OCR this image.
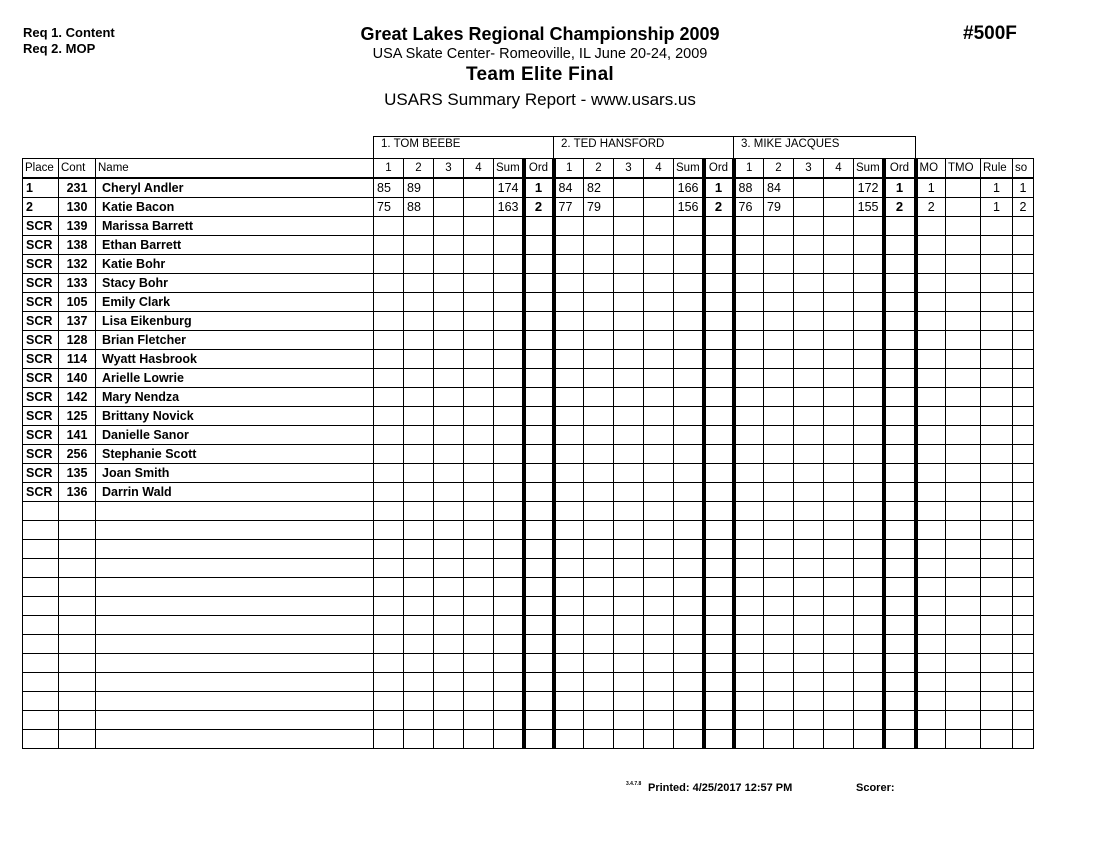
Req 1. Content
Req 2. MOP
Great Lakes Regional Championship 2009
USA Skate Center- Romeoville, IL June 20-24, 2009
Team Elite Final
USARS Summary Report - www.usars.us
#500F
1. TOM BEEBE	2. TED HANSFORD	3. MIKE JACQUES
Place	Cont	Name	1	2	3	4	Sum	Ord	1	2	3	4	Sum	Ord	1	2	3	4	Sum	Ord	MO	TMO	Rule	so
1	231	Cheryl Andler	85	89			174	1	84	82			166	1	88	84			172	1	1		1	1
2	130	Katie Bacon	75	88			163	2	77	79			156	2	76	79			155	2	2		1	2
SCR	139	Marissa Barrett																						
SCR	138	Ethan Barrett																						
SCR	132	Katie Bohr																						
SCR	133	Stacy Bohr																						
SCR	105	Emily Clark																						
SCR	137	Lisa Eikenburg																						
SCR	128	Brian Fletcher																						
SCR	114	Wyatt Hasbrook																						
SCR	140	Arielle Lowrie																						
SCR	142	Mary Nendza																						
SCR	125	Brittany Novick																						
SCR	141	Danielle Sanor																						
SCR	256	Stephanie Scott																						
SCR	135	Joan Smith																						
SCR	136	Darrin Wald																						

3.4.7.8 Printed: 4/25/2017 12:57 PM	Scorer:
